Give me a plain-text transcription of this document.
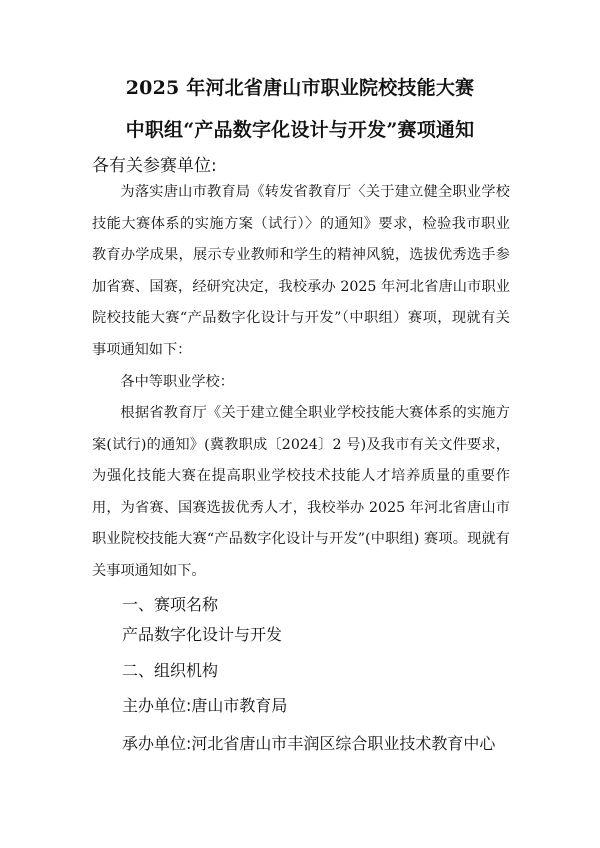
2025 年河北省唐山市职业院校技能大赛
中职组“产品数字化设计与开发”赛项通知
各有关参赛单位:

为落实唐山市教育局《转发省教育厅〈关于建立健全职业学校技能大赛体系的实施方案（试行）〉的通知》要求，检验我市职业教育办学成果，展示专业教师和学生的精神风貌，选拔优秀选手参加省赛、国赛，经研究决定，我校承办 2025 年河北省唐山市职业院校技能大赛“产品数字化设计与开发”（中职组）赛项，现就有关事项通知如下：

各中等职业学校：

根据省教育厅《关于建立健全职业学校技能大赛体系的实施方案(试行)的通知》(冀教职成〔2024〕2 号)及我市有关文件要求，为强化技能大赛在提高职业学校技术技能人才培养质量的重要作用，为省赛、国赛选拔优秀人才，我校举办 2025 年河北省唐山市职业院校技能大赛“产品数字化设计与开发”(中职组) 赛项。现就有关事项通知如下。

一、赛项名称
产品数字化设计与开发
二、组织机构
主办单位:唐山市教育局
承办单位:河北省唐山市丰润区综合职业技术教育中心
